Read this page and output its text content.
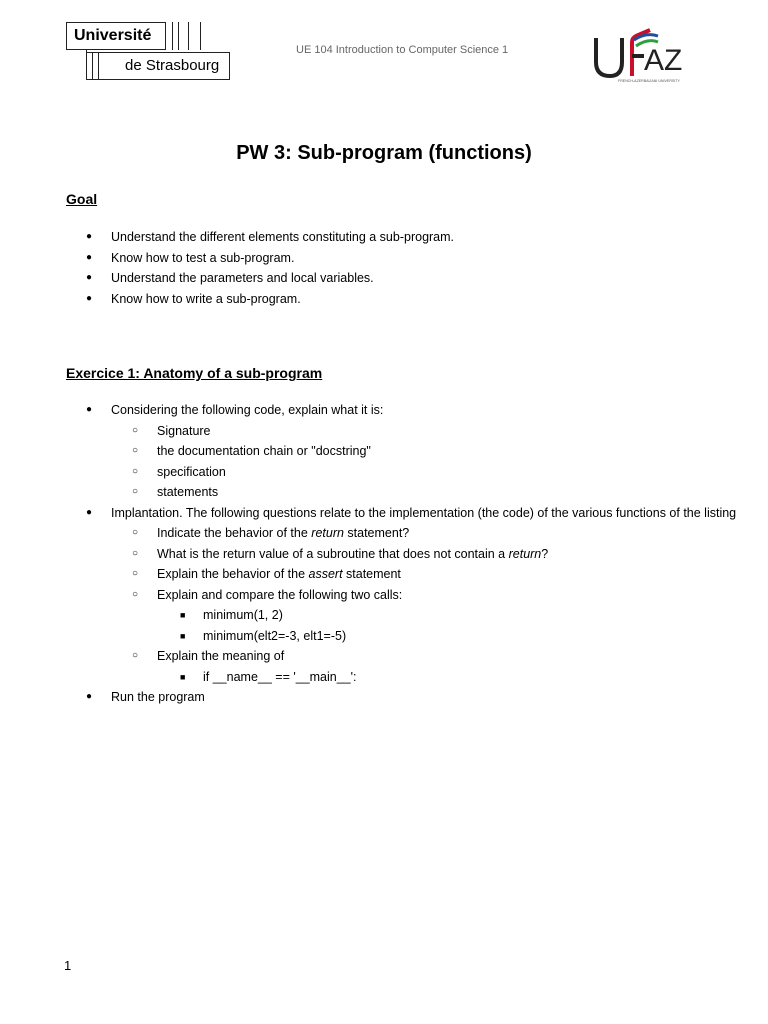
Université
de Strasbourg
UE 104 Introduction to Computer Science 1	AZ
FRENCH-AZERBAIJANI UNIVERSITY
PW 3: Sub-program (functions)
Goal
● Understand the different elements constituting a sub-program.
● Know how to test a sub-program.
● Understand the parameters and local variables.
● Know how to write a sub-program.
Exercice 1: Anatomy of a sub-program
● Considering the following code, explain what it is:
○ Signature
○ the documentation chain or "docstring"
○ specification
○ statements
● Implantation. The following questions relate to the implementation (the code) of the various functions of the listing
○ Indicate the behavior of the return statement?
○ What is the return value of a subroutine that does not contain a return?
○ Explain the behavior of the assert statement
○ Explain and compare the following two calls:
■ minimum(1, 2)
■ minimum(elt2=-3, elt1=-5)
○ Explain the meaning of
■ if __name__ == '__main__':
● Run the program
1
